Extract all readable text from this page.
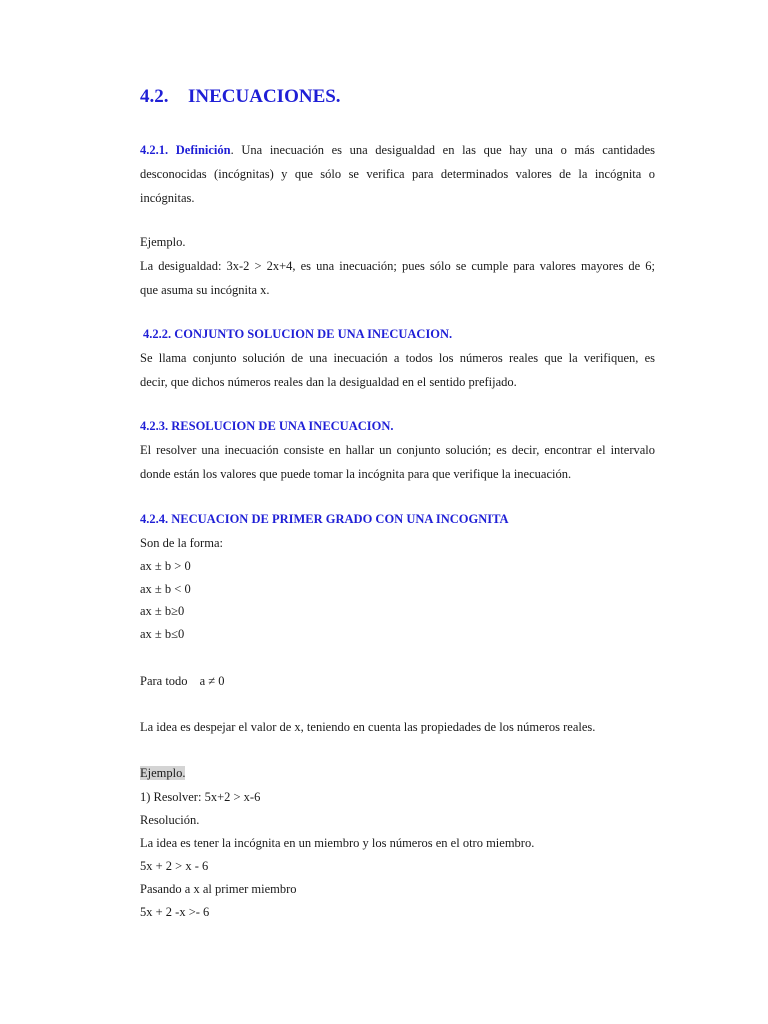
4.2. INECUACIONES.
4.2.1. Definición. Una inecuación es una desigualdad en las que hay una o más cantidades
desconocidas (incógnitas) y que sólo se verifica para determinados valores de la incógnita o
incógnitas.
Ejemplo.
La desigualdad: 3x-2 > 2x+4, es una inecuación; pues sólo se cumple para valores mayores de 6;
que asuma su incógnita x.
4.2.2. CONJUNTO SOLUCION DE UNA INECUACION.
Se llama conjunto solución de una inecuación a todos los números reales que la verifiquen, es
decir, que dichos números reales dan la desigualdad en el sentido prefijado.
4.2.3. RESOLUCION DE UNA INECUACION.
El resolver una inecuación consiste en hallar un conjunto solución; es decir, encontrar el intervalo
donde están los valores que puede tomar la incógnita para que verifique la inecuación.
4.2.4. NECUACION DE PRIMER GRADO CON UNA INCOGNITA
Son de la forma:
ax ± b > 0
ax ± b < 0
ax ± b≥0
ax ± b≤0
Para todo a ≠ 0
La idea es despejar el valor de x, teniendo en cuenta las propiedades de los números reales.
Ejemplo.
1) Resolver: 5x+2 > x-6
Resolución.
La idea es tener la incógnita en un miembro y los números en el otro miembro.
5x + 2 > x - 6
Pasando a x al primer miembro
5x + 2 -x >- 6
